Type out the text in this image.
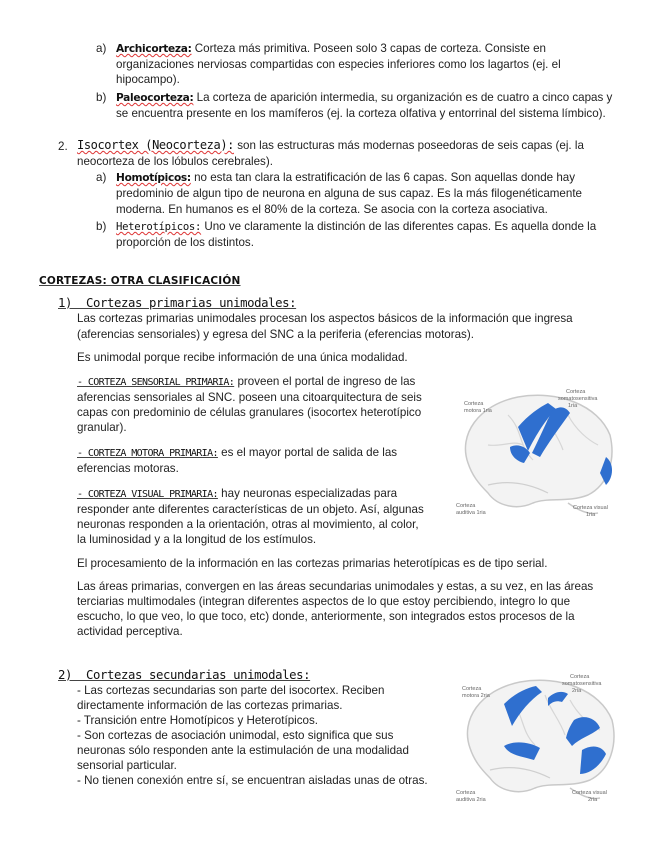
a) Archicorteza: Corteza más primitiva. Poseen solo 3 capas de corteza. Consiste en
organizaciones nerviosas compartidas con especies inferiores como los lagartos (ej. el
hipocampo).
b) Paleocorteza: La corteza de aparición intermedia, su organización es de cuatro a cinco capas y
se encuentra presente en los mamíferos (ej. la corteza olfativa y entorrinal del sistema límbico).
2. Isocortex (Neocorteza): son las estructuras más modernas poseedoras de seis capas (ej. la
neocorteza de los lóbulos cerebrales).
a) Homotípicos: no esta tan clara la estratificación de las 6 capas. Son aquellas donde hay
predominio de algun tipo de neurona en alguna de sus capaz. Es la más filogenéticamente
moderna. En humanos es el 80% de la corteza. Se asocia con la corteza asociativa.
b) Heterotípicos: Uno ve claramente la distinción de las diferentes capas. Es aquella donde la
proporción de los distintos.
CORTEZAS: OTRA CLASIFICACIÓN
1)  Cortezas primarias unimodales:
Las cortezas primarias unimodales procesan los aspectos básicos de la información que ingresa
(aferencias sensoriales) y egresa del SNC a la periferia (eferencias motoras).
Es unimodal porque recibe información de una única modalidad.
- CORTEZA SENSORIAL PRIMARIA: proveen el portal de ingreso de las
aferencias sensoriales al SNC. poseen una citoarquitectura de seis
capas con predominio de células granulares (isocortex heterotípico
granular).
- CORTEZA MOTORA PRIMARIA: es el mayor portal de salida de las
eferencias motoras.
- CORTEZA VISUAL PRIMARIA: hay neuronas especializadas para
responder ante diferentes características de un objeto. Así, algunas
neuronas responden a la orientación, otras al movimiento, al color,
la luminosidad y a la longitud de los estímulos.
El procesamiento de la información en las cortezas primarias heterotípicas es de tipo serial.
Las áreas primarias, convergen en las áreas secundarias unimodales y estas, a su vez, en las áreas
terciarias multimodales (integran diferentes aspectos de lo que estoy percibiendo, integro lo que
escucho, lo que veo, lo que toco, etc) donde, anteriormente, son integrados estos procesos de la
actividad perceptiva.
Corteza
motora 1ria
Corteza
somatosensitiva
1ria
Corteza
auditiva 1ria
Corteza visual
1ria
2)  Cortezas secundarias unimodales:
- Las cortezas secundarias son parte del isocortex. Reciben
directamente información de las cortezas primarias.
- Transición entre Homotípicos y Heterotípicos.
- Son cortezas de asociación unimodal, esto significa que sus
neuronas sólo responden ante la estimulación de una modalidad
sensorial particular.
- No tienen conexión entre sí, se encuentran aisladas unas de otras.
Corteza
motora 2ria
Corteza
somatosensitiva
2ria
Corteza
auditiva 2ria
Corteza visual
2ria
